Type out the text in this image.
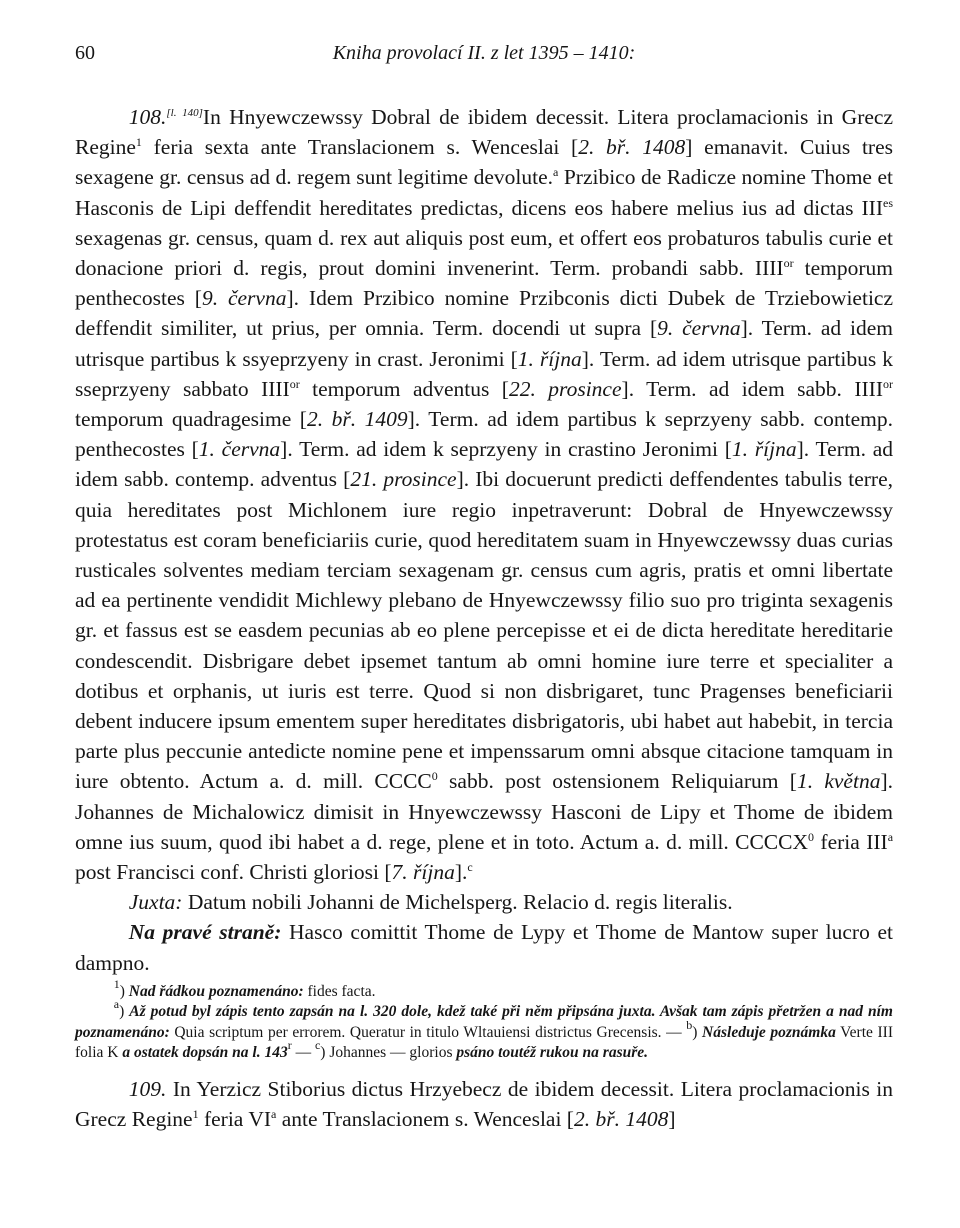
60	Kniha provolací II. z let 1395 – 1410:

108.[l. 140]In Hnyewczewssy Dobral de ibidem decessit. Litera proclamacionis in Grecz Regine$^1$ feria sexta ante Translacionem s. Wenceslai [2. bř. 1408] emanavit. Cuius tres sexagene gr. census ad d. regem sunt legitime devolute.$^a$ Przibico de Radicze nomine Thome et Hasconis de Lipi deffendit hereditates predictas, dicens eos habere melius ius ad dictas $III^{es}$ sexagenas gr. census, quam d. rex aut aliquis post eum, et offert eos probaturos tabulis curie et donacione priori d. regis, prout domini invenerint. Term. probandi sabb. $IIII^{or}$ temporum penthecostes [9. června]. Idem Przibico nomine Przibconis dicti Dubek de Trziebowieticz deffendit similiter, ut prius, per omnia. Term. docendi ut supra [9. června]. Term. ad idem utrisque partibus k ssyeprzyeny in crast. Jeronimi [1. října]. Term. ad idem utrisque partibus k sseprzyeny sabbato $IIII^{or}$ temporum adventus [22. prosince]. Term. ad idem sabb. $IIII^{or}$ temporum quadragesime [2. bř. 1409]. Term. ad idem partibus k seprzyeny sabb. contemp. penthecostes [1. června]. Term. ad idem k seprzyeny in crastino Jeronimi [1. října]. Term. ad idem sabb. contemp. adventus [21. prosince]. Ibi docuerunt predicti deffendentes tabulis terre, quia hereditates post Michlonem iure regio inpetraverunt: Dobral de Hnyewczewssy protestatus est coram beneficiariis curie, quod hereditatem suam in Hnyewczewssy duas curias rusticales solventes mediam terciam sexagenam gr. census cum agris, pratis et omni libertate ad ea pertinente vendidit Michlewy plebano de Hnyewczewssy filio suo pro triginta sexagenis gr. et fassus est se easdem pecunias ab eo plene percepisse et ei de dicta hereditate hereditarie condescendit. Disbrigare debet ipsemet tantum ab omni homine iure terre et specialiter a dotibus et orphanis, ut iuris est terre. Quod si non disbrigaret, tunc Pragenses beneficiarii debent inducere ipsum ementem super hereditates disbrigatoris, ubi habet aut habebit, in tercia parte plus peccunie antedicte nomine pene et impenssarum omni absque citacione tamquam in iure obtento. Actum a. d. mill. CCCC$^0$ sabb. post ostensionem Reliquiarum [1. května]. Johannes de Michalowicz dimisit in Hnyewczewssy Hasconi de Lipy et Thome de ibidem omne ius suum, quod ibi habet a d. rege, plene et in toto. Actum a. d. mill. CCCCX$^0$ feria III$^a$ post Francisci conf. Christi gloriosi [7. října].$^c$

Juxta: Datum nobili Johanni de Michelsperg. Relacio d. regis literalis.

Na pravé straně: Hasco comittit Thome de Lypy et Thome de Mantow super lucro et dampno.

$^1$) Nad řádkou poznamenáno: fides facta.

$^a$) Až potud byl zápis tento zapsán na l. 320 dole, kdež také při něm připsána juxta. Avšak tam zápis přetržen a nad ním poznamenáno: Quia scriptum per errorem. Queratur in titulo Wltauiensi districtus Grecensis. — $^b$) Následuje poznámka Verte III folia K a ostatek dopsán na l. 143$^r$ — $^c$) Johannes — glorios psáno toutéž rukou na rasuře.

109. In Yerzicz Stiborius dictus Hrzyebecz de ibidem decessit. Litera proclamacionis in Grecz Regine$^1$ feria $VI^a$ ante Translacionem s. Wenceslai [2. bř. 1408]
